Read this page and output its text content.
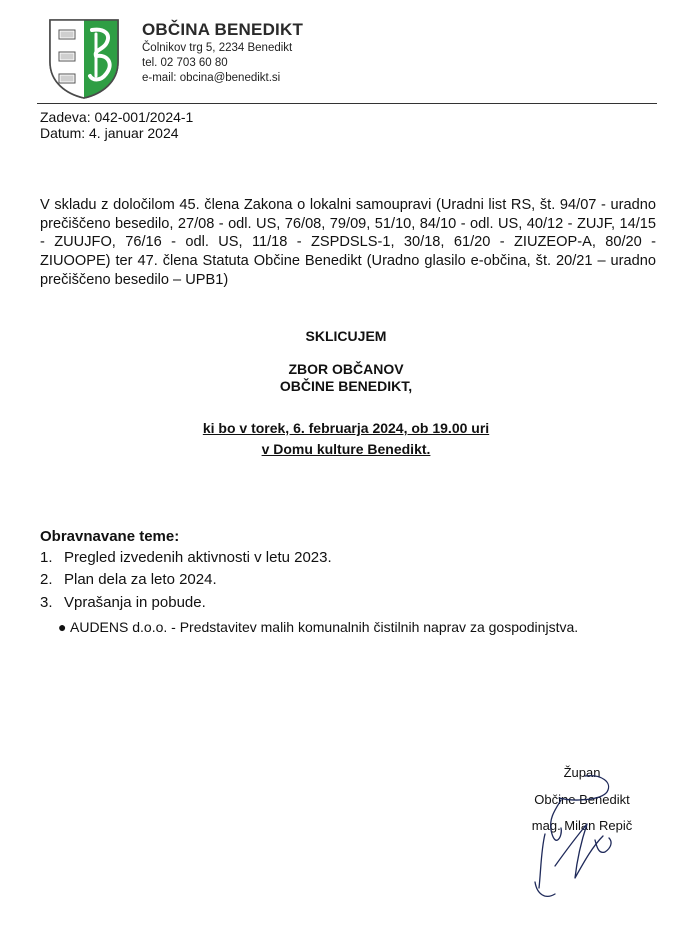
OBČINA BENEDIKT
Čolnikov trg 5, 2234 Benedikt
tel. 02 703 60 80
e-mail: obcina@benedikt.si
Zadeva: 042-001/2024-1
Datum: 4. januar 2024
V skladu z določilom 45. člena Zakona o lokalni samoupravi (Uradni list RS, št. 94/07 - uradno prečiščeno besedilo, 27/08 - odl. US, 76/08, 79/09, 51/10, 84/10 - odl. US, 40/12 - ZUJF, 14/15 - ZUUJFO, 76/16 - odl. US, 11/18 - ZSPDSLS-1, 30/18, 61/20 - ZIUZEOP-A, 80/20 - ZIUOOPE) ter 47. člena Statuta Občine Benedikt (Uradno glasilo e-občina, št. 20/21 – uradno prečiščeno besedilo – UPB1)
SKLICUJEM
ZBOR OBČANOV
OBČINE BENEDIKT,
ki bo v torek, 6. februarja 2024, ob 19.00 uri
v Domu kulture Benedikt.
Obravnavane teme:
1. Pregled izvedenih aktivnosti v letu 2023.
2. Plan dela za leto 2024.
3. Vprašanja in pobude.
● AUDENS d.o.o. - Predstavitev malih komunalnih čistilnih naprav za gospodinjstva.
Župan
Občine Benedikt
mag. Milan Repič
